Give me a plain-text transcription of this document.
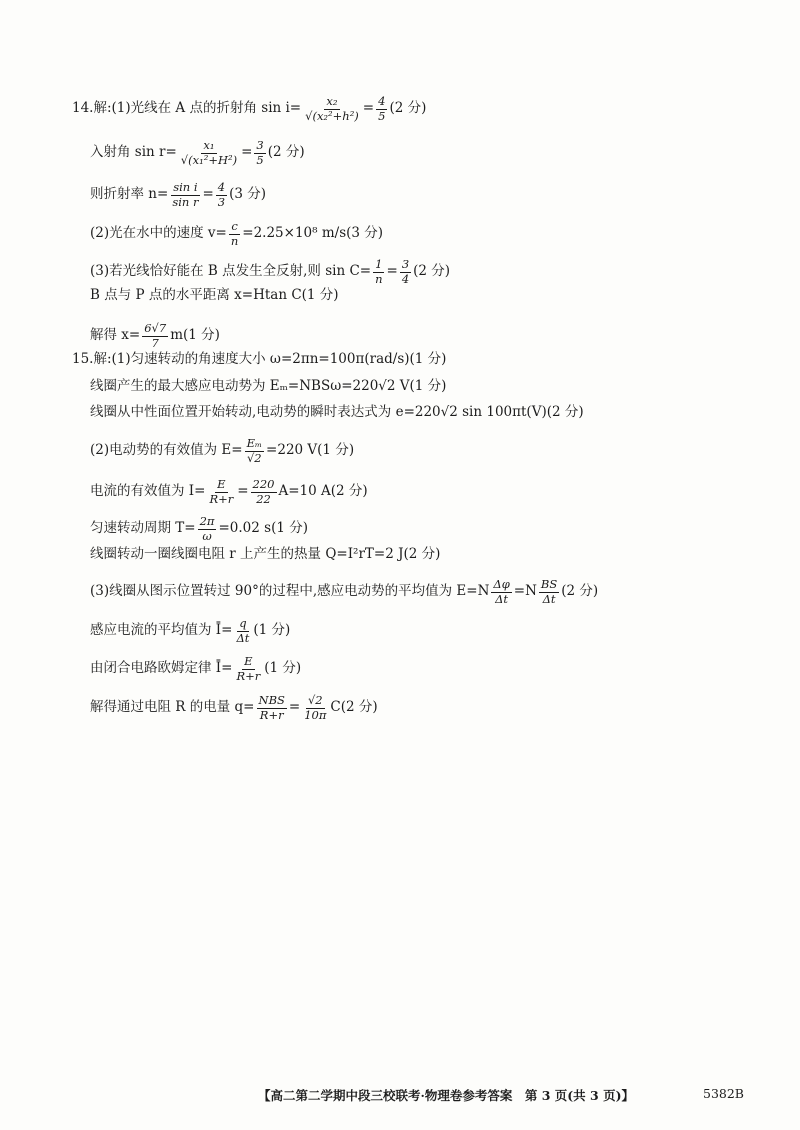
14.解:(1)光线在 A 点的折射角 $\sin i= \frac{\text{x₂}}{\text{√(x₂²+h²)}} = \frac{4}{5} (2$ 分)
入射角 $\sin r= \frac{\text{x₁}}{\text{√(x₁²+H²)}} = \frac{3}{5} (2$ 分)
则折射率 $n= \frac{\text{sin i}}{\text{sin r}} = \frac{4}{3} (3$ 分)
(2)光在水中的速度 $v= \frac{c}{n} =2.25\times 10^8$ m/s(3 分)
(3)若光线恰好能在 B 点发生全反射,则 $\sin C= \frac{1}{n} = \frac{3}{4} (2$ 分)
B 点与 P 点的水平距离 x=Htan C(1 分)
解得 $x= \frac{6√7}{7} m(1$ 分)
15.解:(1)匀速转动的角速度大小 ω=2πn=100π(rad/s)(1 分)
线圈产生的最大感应电动势为 Eₘ=NBSω=220√2 V(1 分)
线圈从中性面位置开始转动,电动势的瞬时表达式为 e=220√2 sin 100πt(V)(2 分)
(2)电动势的有效值为 $E= \frac{\text{Eₘ}}{√2} =220$ V(1 分)
电流的有效值为 $I= \frac{E}{R+r} = \frac{220}{22} A=10$ A(2 分)
匀速转动周期 $T= \frac{2\pi}{\omega} =0.02$ s(1 分)
线圈转动一圈线圈电阻 r 上产生的热量 Q=I²rT=2 J(2 分)
(3)线圈从图示位置转过 90°的过程中,感应电动势的平均值为 $E=N \frac{\Delta\varphi}{\Delta t} =N \frac{BS}{\Delta t} (2$ 分)
感应电流的平均值为 Ī= $\frac{q}{\Delta t} (1$ 分)
由闭合电路欧姆定律 Ī= $\frac{E}{R+r} (1$ 分)
解得通过电阻 R 的电量 $q= \frac{\text{NBS}}{R+r} = \frac{√2}{10\pi} C(2$ 分)
【高二第二学期中段三校联考·物理卷参考答案　第 3 页(共 3 页)】	5382B
